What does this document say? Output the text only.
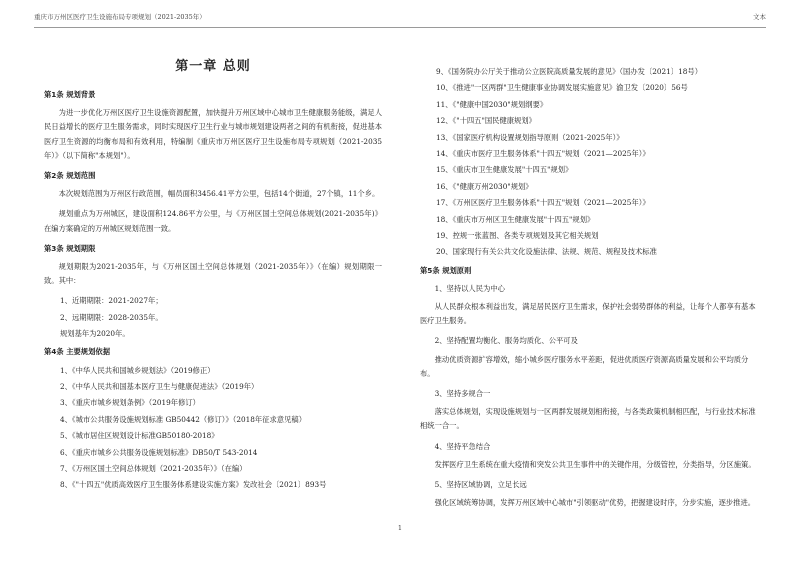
重庆市万州区医疗卫生设施布局专项规划（2021-2035年）	文本
第一章 总则
第1条 规划背景

为进一步优化万州区医疗卫生设施资源配置，加快提升万州区域中心城市卫生健康服务能级，满足人民日益增长的医疗卫生服务需求，同时实现医疗卫生行业与城市规划建设两者之间的有机衔接，促进基本医疗卫生资源的均衡布局和有效利用，特编制《重庆市万州区医疗卫生设施布局专项规划（2021-2035年）》（以下简称"本规划"）。

第2条 规划范围

本次规划范围为万州区行政范围，幅员面积3456.41平方公里，包括14个街道，27个镇，11个乡。

规划重点为万州城区，建设面积124.86平方公里，与《万州区国土空间总体规划(2021-2035年)》在编方案确定的万州城区规划范围一致。

第3条 规划期限

规划期限为2021-2035年，与《万州区国土空间总体规划（2021-2035年）》（在编）规划期限一致。其中：

1、近期期限：2021-2027年；
2、远期期限：2028-2035年。
规划基年为2020年。
第4条 主要规划依据
1、《中华人民共和国城乡规划法》（2019修正）
2、《中华人民共和国基本医疗卫生与健康促进法》（2019年）
3、《重庆市城乡规划条例》（2019年修订）
4、《城市公共服务设施规划标准 GB50442（修订）》（2018年征求意见稿）
5、《城市居住区规划设计标准GB50180-2018》
6、《重庆市城乡公共服务设施规划标准》DB50/T 543-2014
7、《万州区国土空间总体规划（2021-2035年）》（在编）
8、《"十四五"优质高效医疗卫生服务体系建设实施方案》发改社会〔2021〕893号
9、《国务院办公厅关于推动公立医院高质量发展的意见》（国办发〔2021〕18号）
10、《推进"一区两群"卫生健康事业协调发展实施意见》渝卫发〔2020〕56号
11、《"健康中国2030"规划纲要》
12、《"十四五"国民健康规划》
13、《国家医疗机构设置规划指导原则（2021-2025年）》
14、《重庆市医疗卫生服务体系"十四五"规划（2021—2025年）》
15、《重庆市卫生健康发展"十四五"规划》
16、《"健康万州2030"规划》
17、《万州区医疗卫生服务体系"十四五"规划（2021—2025年）》
18、《重庆市万州区卫生健康发展"十四五"规划》
19、控规一张蓝图、各类专项规划及其它相关规划
20、国家现行有关公共文化设施法律、法规、规范、规程及技术标准
第5条 规划原则
1、坚持以人民为中心
从人民群众根本利益出发，满足居民医疗卫生需求，保护社会弱势群体的利益，让每个人都享有基本医疗卫生服务。
2、坚持配置均衡化、服务均质化、公平可及
推动优质资源扩容增效，缩小城乡医疗服务水平差距，促进优质医疗资源高质量发展和公平均质分布。
3、坚持多规合一
落实总体规划，实现设施规划与一区两群发展规划相衔接，与各类政策机制相匹配，与行业技术标准相统一合一。
4、坚持平急结合
发挥医疗卫生系统在重大疫情和突发公共卫生事件中的关键作用，分级管控，分类指导，分区施策。
5、坚持区域协调，立足长远
强化区域统筹协调，发挥万州区域中心城市"引领驱动"优势，把握建设时序，分步实施，逐步推进。
1
